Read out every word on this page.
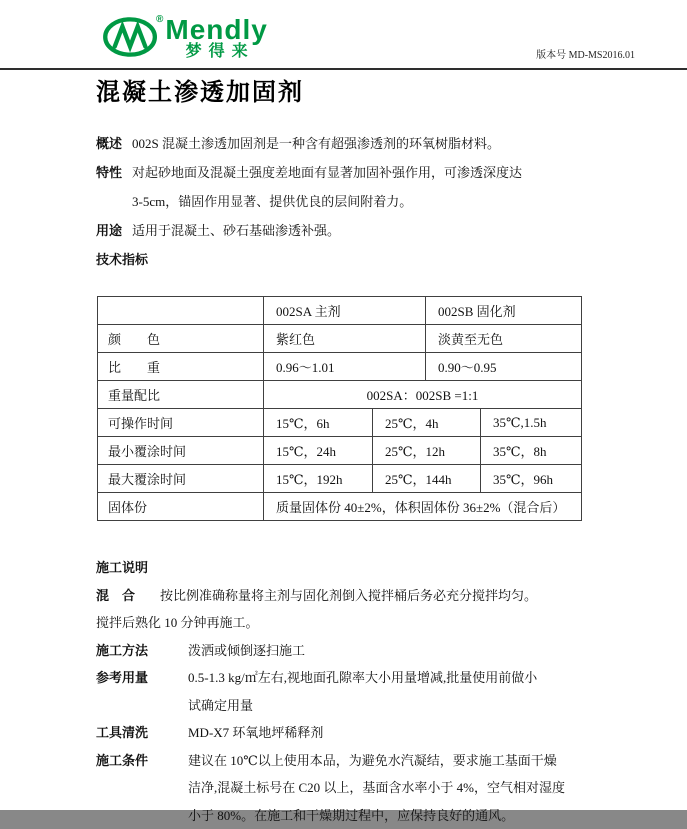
® Mendly
梦得来	版本号 MD-MS2016.01
混凝土渗透加固剂
概述 002S 混凝土渗透加固剂是一种含有超强渗透剂的环氧树脂材料。
特性 对起砂地面及混凝土强度差地面有显著加固补强作用，可渗透深度达
3-5cm，锚固作用显著、提供优良的层间附着力。
用途 适用于混凝土、砂石基础渗透补强。
技术指标
	002SA 主剂		002SB 固化剂	
颜　　色	紫红色		淡黄至无色	
比　　重	0.96～1.01		0.90～0.95	
重量配比	002SA：002SB =1:1			
可操作时间	15℃，6h	25℃，4h		35℃,1.5h
最小覆涂时间	15℃，24h	25℃，12h		35℃，8h
最大覆涂时间	15℃，192h	25℃，144h		35℃，96h
固体份	质量固体份 40±2%，体积固体份 36±2%（混合后）			
施工说明
混　合	按比例准确称量将主剂与固化剂倒入搅拌桶后务必充分搅拌均匀。
搅拌后熟化 10 分钟再施工。
施工方法	泼洒或倾倒逐扫施工
参考用量	0.5-1.3 kg/㎡左右,视地面孔隙率大小用量增减,批量使用前做小
试确定用量
工具清洗	MD-X7 环氧地坪稀释剂
施工条件	建议在 10℃以上使用本品，为避免水汽凝结，要求施工基面干燥
洁净,混凝土标号在 C20 以上，基面含水率小于 4%，空气相对湿度
小于 80%。在施工和干燥期过程中，应保持良好的通风。
